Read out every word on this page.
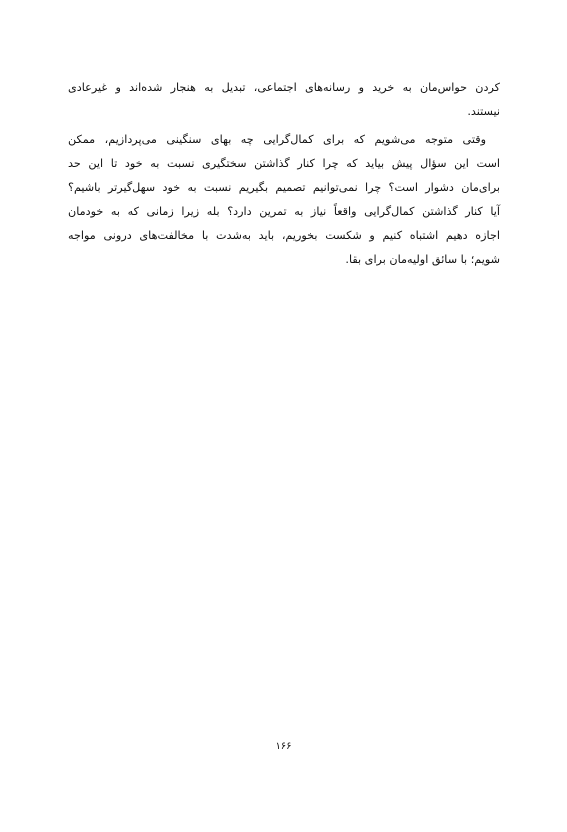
کردن حواس‌مان به خرید و رسانه‌های اجتماعی، تبدیل به هنجار شده‌اند و غیرعادی
نیستند.

وقتی متوجه می‌شویم که برای کمال‌گرایی چه بهای سنگینی می‌پردازیم، ممکن
است این سؤال پیش بیاید که چرا کنار گذاشتن سختگیری نسبت به خود تا این حد
برای‌مان دشوار است؟ چرا نمی‌توانیم تصمیم بگیریم نسبت به خود سهل‌گیرتر باشیم؟
آیا کنار گذاشتن کمال‌گرایی واقعاً نیاز به تمرین دارد؟ بله زیرا زمانی که به خودمان
اجازه دهیم اشتباه کنیم و شکست بخوریم، باید به‌شدت با مخالفت‌های درونی مواجه
شویم؛ با سائق اولیه‌مان برای بقا.

۱۶۶
